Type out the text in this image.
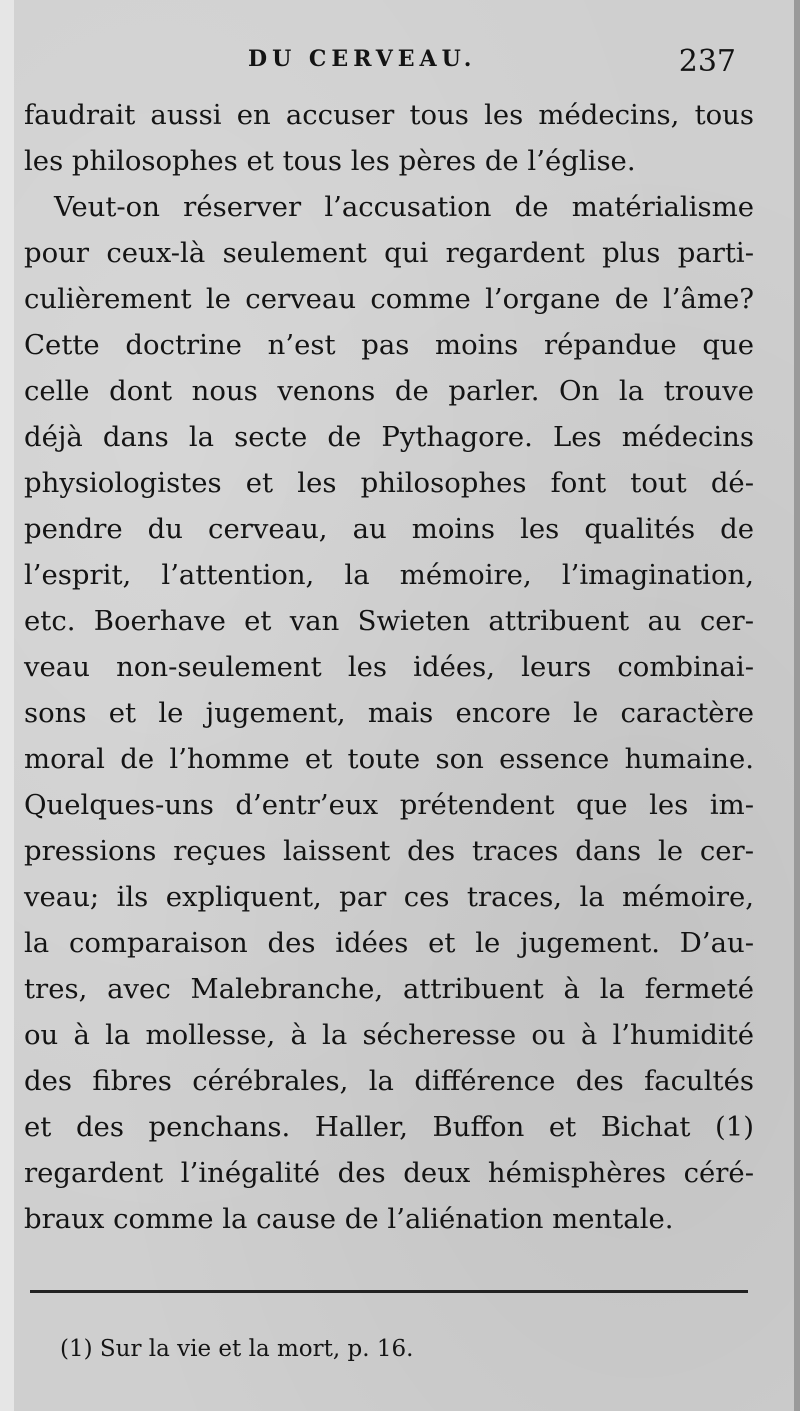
DU CERVEAU.	237
faudrait aussi en accuser tous les médecins, tous
les philosophes et tous les pères de l’église.
Veut-on réserver l’accusation de matérialisme
pour ceux-là seulement qui regardent plus parti-
culièrement le cerveau comme l’organe de l’âme?
Cette doctrine n’est pas moins répandue que
celle dont nous venons de parler. On la trouve
déjà dans la secte de Pythagore. Les médecins
physiologistes et les philosophes font tout dé-
pendre du cerveau, au moins les qualités de
l’esprit, l’attention, la mémoire, l’imagination,
etc. Boerhave et van Swieten attribuent au cer-
veau non-seulement les idées, leurs combinai-
sons et le jugement, mais encore le caractère
moral de l’homme et toute son essence humaine.
Quelques-uns d’entr’eux prétendent que les im-
pressions reçues laissent des traces dans le cer-
veau; ils expliquent, par ces traces, la mémoire,
la comparaison des idées et le jugement. D’au-
tres, avec Malebranche, attribuent à la fermeté
ou à la mollesse, à la sécheresse ou à l’humidité
des fibres cérébrales, la différence des facultés
et des penchans. Haller, Buffon et Bichat (1)
regardent l’inégalité des deux hémisphères céré-
braux comme la cause de l’aliénation mentale.
(1) Sur la vie et la mort, p. 16.
